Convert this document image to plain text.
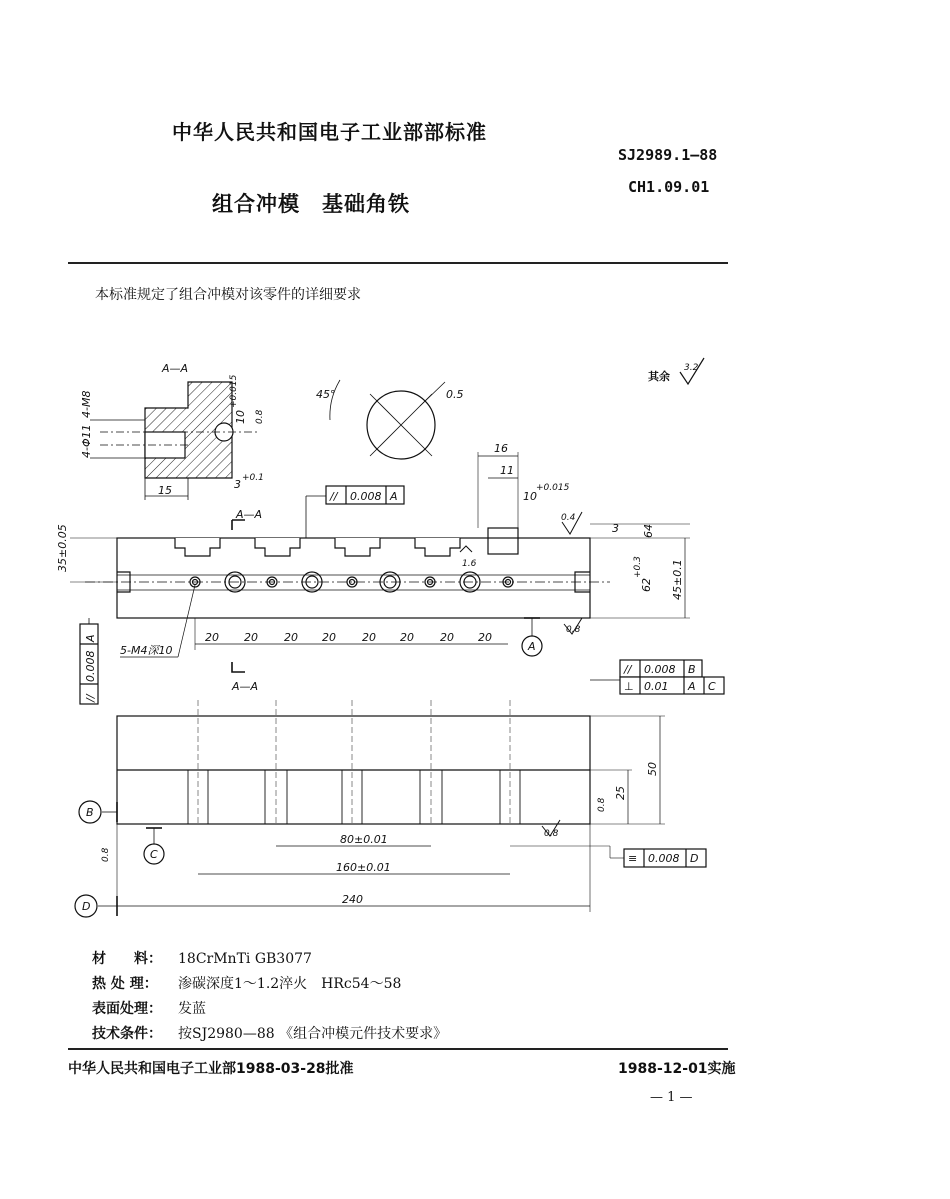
中华人民共和国电子工业部部标准
SJ2989.1—88
CH1.09.01
组合冲模　基础角铁
本标准规定了组合冲模对该零件的详细要求
A—A
4-Φ11
4-M8
15	3 +0.1
10
+0.015
0.8
45°	0.5
其余
3.2
A—A
20 20 20 20 20 20 20 20
5-M4深10
35±0.05
16
11
10
+0.015
0.4
1.6
3 64
62
+0.3	45±0.1
0.8
A
// 0.008 A
//
0.008
A
A—A
// 0.008 B
⊥ 0.01 A C
50
25
0.8
0.8
0.8
B
C
80±0.01
160±0.01
240
≡ 0.008 D
D
材　　料： 18CrMnTi GB3077
热 处 理： 渗碳深度1～1.2淬火　HRc54～58
表面处理： 发蓝
技术条件： 按SJ2980—88 《组合冲模元件技术要求》
中华人民共和国电子工业部1988-03-28批准	1988-12-01实施
— 1 —
